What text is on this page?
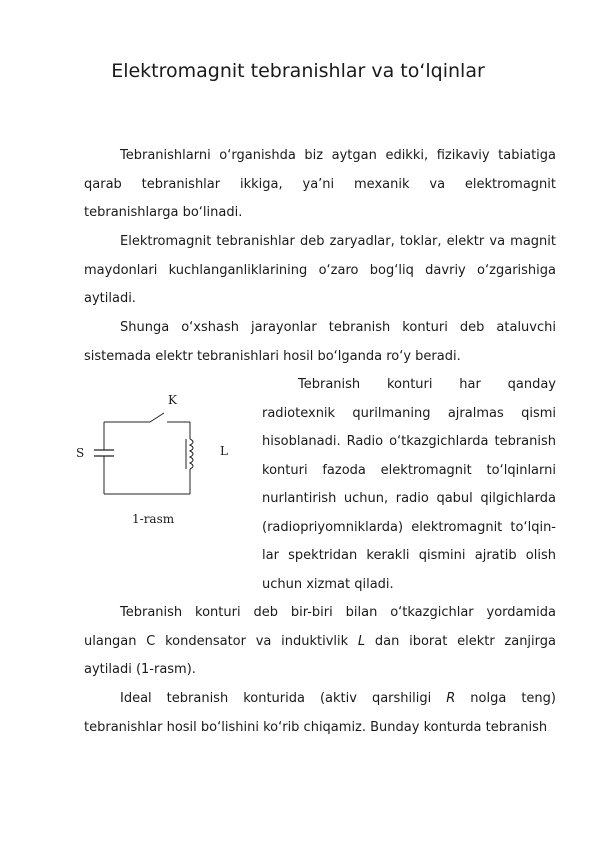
Elektromagnit tebranishlar va to‘lqinlar

Tebranishlarni o‘rganishda biz aytgan edikki, fizikaviy tabiatiga qarab tebranishlar ikkiga, ya’ni mexanik va elektromagnit tebranishlarga bo‘linadi.

Elektromagnit tebranishlar deb zaryadlar, toklar, elektr va magnit maydonlari kuchlanganliklarining o‘zaro bog‘liq davriy o‘zgarishiga aytiladi.

Shunga o‘xshash jarayonlar tebranish konturi deb ataluvchi sistemada elektr tebranishlari hosil bo‘lganda ro‘y beradi.

Tebranish konturi har qanday radiotexnik qurilmaning ajralmas qismi hisoblanadi. Radio o‘tkazgichlarda tebranish konturi fazoda elektromagnit to‘lqinlarni nurlantirish uchun, radio qabul qilgichlarda (radiopriyomniklarda) elektromagnit to‘lqin-lar spektridan kerakli qismini ajratib olish uchun xizmat qiladi.

K
S	L
1-rasm

Tebranish konturi deb bir-biri bilan o‘tkazgichlar yordamida ulangan C kondensator va induktivlik L dan iborat elektr zanjirga aytiladi (1-rasm).

Ideal tebranish konturida (aktiv qarshiligi R nolga teng) tebranishlar hosil bo‘lishini ko‘rib chiqamiz. Bunday konturda tebranish
